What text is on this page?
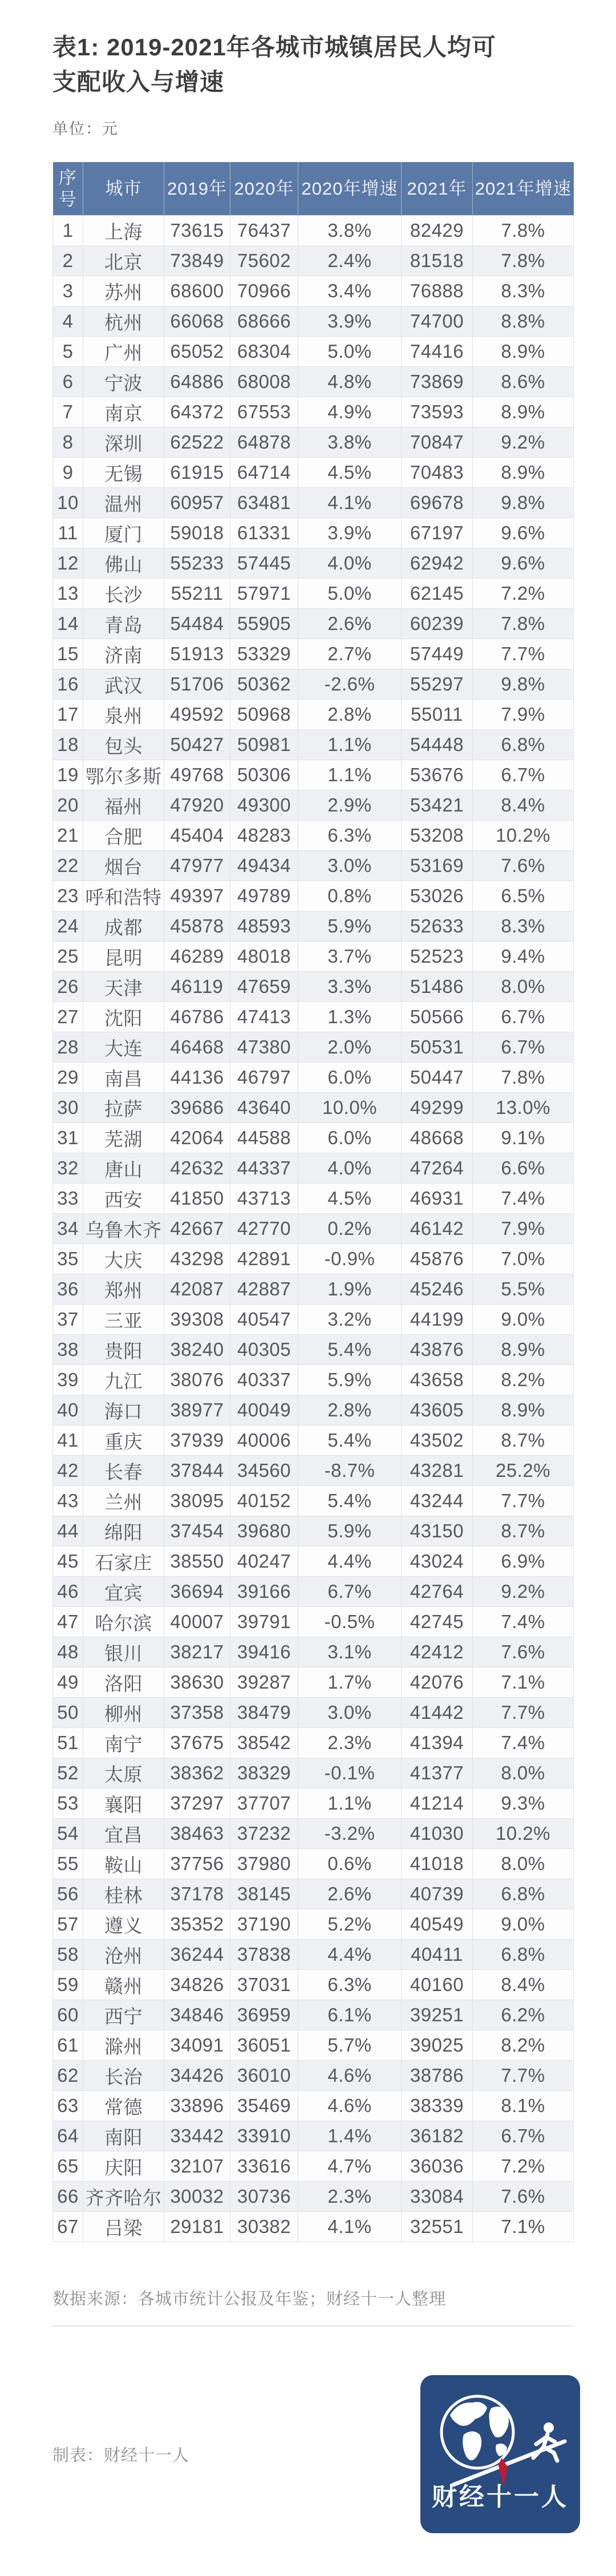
表1: 2019-2021年各城市城镇居民人均可
支配收入与增速
单位：元
序号	城市	2019年	2020年	2020年增速	2021年	2021年增速
1	上海	73615	76437	3.8%	82429	7.8%
2	北京	73849	75602	2.4%	81518	7.8%
3	苏州	68600	70966	3.4%	76888	8.3%
4	杭州	66068	68666	3.9%	74700	8.8%
5	广州	65052	68304	5.0%	74416	8.9%
6	宁波	64886	68008	4.8%	73869	8.6%
7	南京	64372	67553	4.9%	73593	8.9%
8	深圳	62522	64878	3.8%	70847	9.2%
9	无锡	61915	64714	4.5%	70483	8.9%
10	温州	60957	63481	4.1%	69678	9.8%
11	厦门	59018	61331	3.9%	67197	9.6%
12	佛山	55233	57445	4.0%	62942	9.6%
13	长沙	55211	57971	5.0%	62145	7.2%
14	青岛	54484	55905	2.6%	60239	7.8%
15	济南	51913	53329	2.7%	57449	7.7%
16	武汉	51706	50362	-2.6%	55297	9.8%
17	泉州	49592	50968	2.8%	55011	7.9%
18	包头	50427	50981	1.1%	54448	6.8%
19	鄂尔多斯	49768	50306	1.1%	53676	6.7%
20	福州	47920	49300	2.9%	53421	8.4%
21	合肥	45404	48283	6.3%	53208	10.2%
22	烟台	47977	49434	3.0%	53169	7.6%
23	呼和浩特	49397	49789	0.8%	53026	6.5%
24	成都	45878	48593	5.9%	52633	8.3%
25	昆明	46289	48018	3.7%	52523	9.4%
26	天津	46119	47659	3.3%	51486	8.0%
27	沈阳	46786	47413	1.3%	50566	6.7%
28	大连	46468	47380	2.0%	50531	6.7%
29	南昌	44136	46797	6.0%	50447	7.8%
30	拉萨	39686	43640	10.0%	49299	13.0%
31	芜湖	42064	44588	6.0%	48668	9.1%
32	唐山	42632	44337	4.0%	47264	6.6%
33	西安	41850	43713	4.5%	46931	7.4%
34	乌鲁木齐	42667	42770	0.2%	46142	7.9%
35	大庆	43298	42891	-0.9%	45876	7.0%
36	郑州	42087	42887	1.9%	45246	5.5%
37	三亚	39308	40547	3.2%	44199	9.0%
38	贵阳	38240	40305	5.4%	43876	8.9%
39	九江	38076	40337	5.9%	43658	8.2%
40	海口	38977	40049	2.8%	43605	8.9%
41	重庆	37939	40006	5.4%	43502	8.7%
42	长春	37844	34560	-8.7%	43281	25.2%
43	兰州	38095	40152	5.4%	43244	7.7%
44	绵阳	37454	39680	5.9%	43150	8.7%
45	石家庄	38550	40247	4.4%	43024	6.9%
46	宜宾	36694	39166	6.7%	42764	9.2%
47	哈尔滨	40007	39791	-0.5%	42745	7.4%
48	银川	38217	39416	3.1%	42412	7.6%
49	洛阳	38630	39287	1.7%	42076	7.1%
50	柳州	37358	38479	3.0%	41442	7.7%
51	南宁	37675	38542	2.3%	41394	7.4%
52	太原	38362	38329	-0.1%	41377	8.0%
53	襄阳	37297	37707	1.1%	41214	9.3%
54	宜昌	38463	37232	-3.2%	41030	10.2%
55	鞍山	37756	37980	0.6%	41018	8.0%
56	桂林	37178	38145	2.6%	40739	6.8%
57	遵义	35352	37190	5.2%	40549	9.0%
58	沧州	36244	37838	4.4%	40411	6.8%
59	赣州	34826	37031	6.3%	40160	8.4%
60	西宁	34846	36959	6.1%	39251	6.2%
61	滁州	34091	36051	5.7%	39025	8.2%
62	长治	34426	36010	4.6%	38786	7.7%
63	常德	33896	35469	4.6%	38339	8.1%
64	南阳	33442	33910	1.4%	36182	6.7%
65	庆阳	32107	33616	4.7%	36036	7.2%
66	齐齐哈尔	30032	30736	2.3%	33084	7.6%
67	吕梁	29181	30382	4.1%	32551	7.1%
数据来源：各城市统计公报及年鉴；财经十一人整理
制表：财经十一人
财经十一人
